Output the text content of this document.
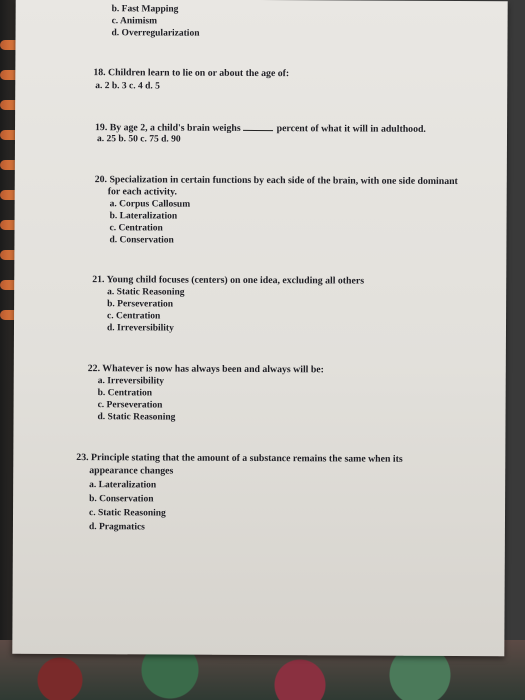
b. Fast Mapping
c. Animism
d. Overregularization
18. Children learn to lie on or about the age of:
a. 2 b. 3 c. 4 d. 5
19. By age 2, a child's brain weighs	percent of what it will in adulthood.
a. 25 b. 50 c. 75 d. 90
20. Specialization in certain functions by each side of the brain, with one side dominant
for each activity.
a. Corpus Callosum
b. Lateralization
c. Centration
d. Conservation
21. Young child focuses (centers) on one idea, excluding all others
a. Static Reasoning
b. Perseveration
c. Centration
d. Irreversibility
22. Whatever is now has always been and always will be:
a. Irreversibility
b. Centration
c. Perseveration
d. Static Reasoning
23. Principle stating that the amount of a substance remains the same when its
appearance changes
a. Lateralization
b. Conservation
c. Static Reasoning
d. Pragmatics
